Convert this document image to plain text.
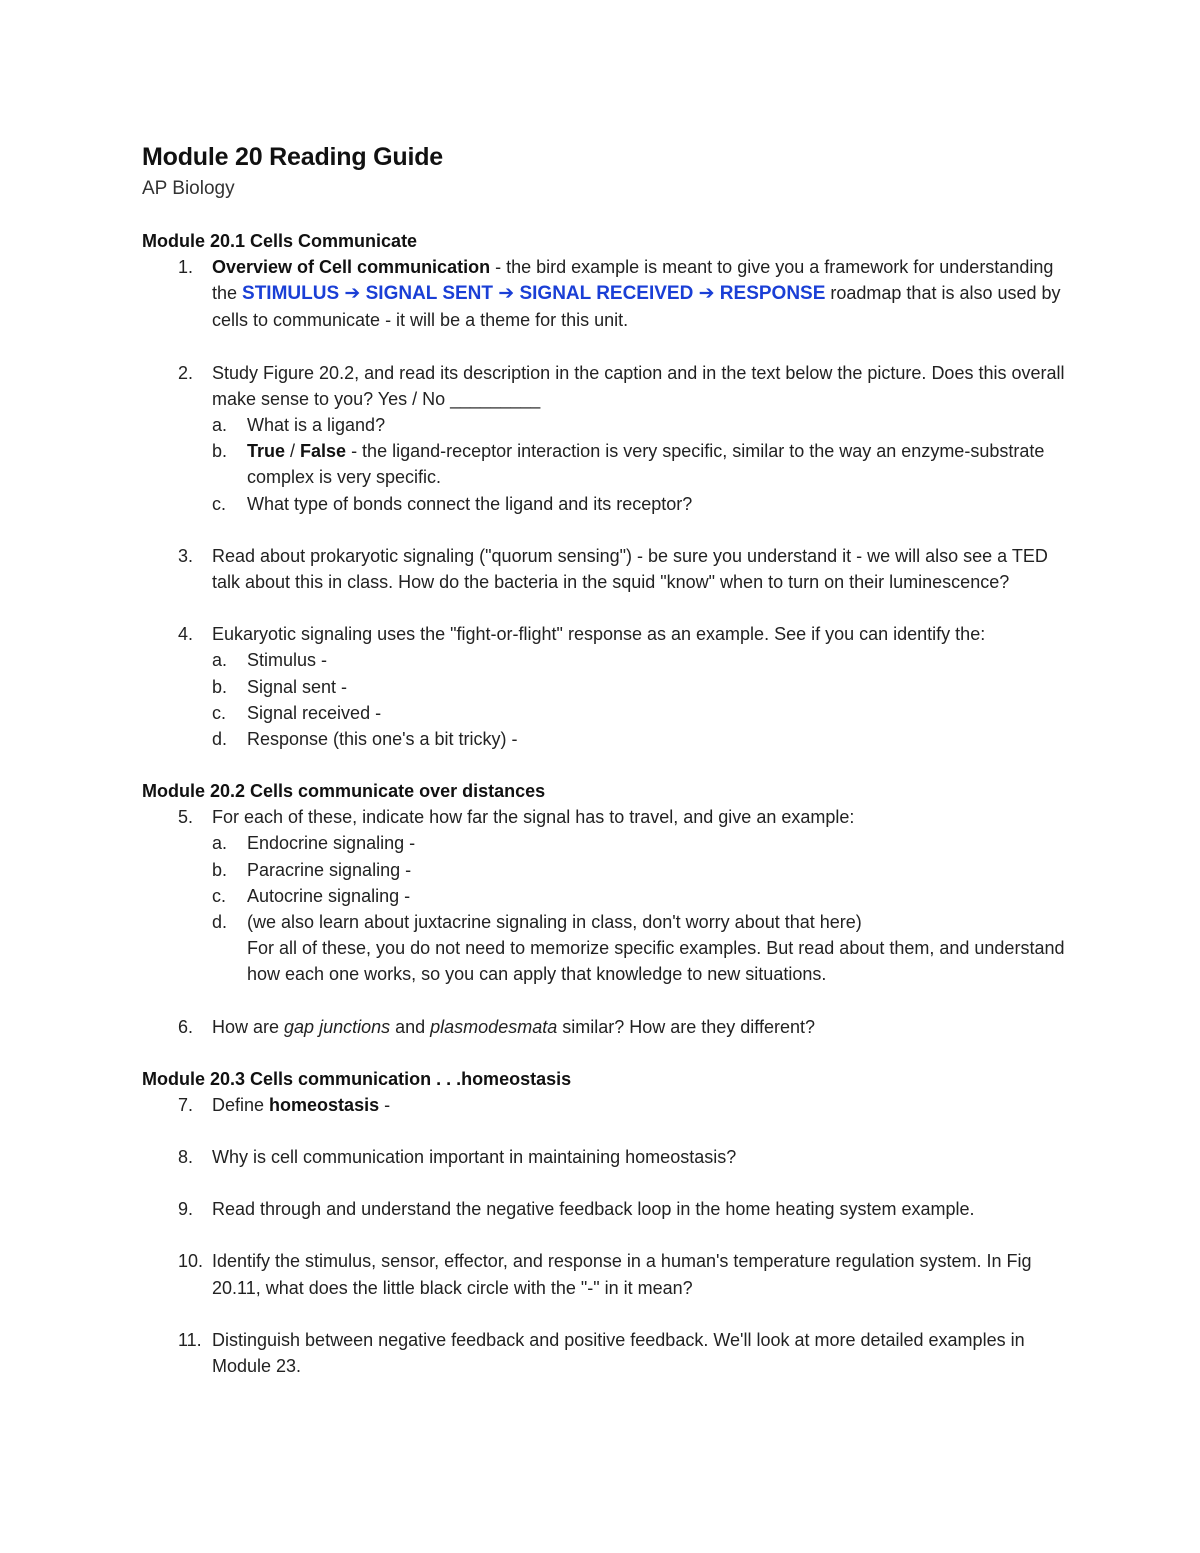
Module 20 Reading Guide
AP Biology
Module 20.1 Cells Communicate
1.	Overview of Cell communication - the bird example is meant to give you a framework for understanding the STIMULUS ➔ SIGNAL SENT ➔ SIGNAL RECEIVED ➔ RESPONSE roadmap that is also used by cells to communicate - it will be a theme for this unit.
2.	Study Figure 20.2, and read its description in the caption and in the text below the picture. Does this overall make sense to you? Yes / No _________
a.	What is a ligand?
b.	True / False - the ligand-receptor interaction is very specific, similar to the way an enzyme-substrate complex is very specific.
c.	What type of bonds connect the ligand and its receptor?
3.	Read about prokaryotic signaling ("quorum sensing") - be sure you understand it - we will also see a TED talk about this in class. How do the bacteria in the squid "know" when to turn on their luminescence?
4.	Eukaryotic signaling uses the "fight-or-flight" response as an example. See if you can identify the:
a.	Stimulus -
b.	Signal sent -
c.	Signal received -
d.	Response (this one's a bit tricky) -
Module 20.2 Cells communicate over distances
5.	For each of these, indicate how far the signal has to travel, and give an example:
a.	Endocrine signaling -
b.	Paracrine signaling -
c.	Autocrine signaling -
d.	(we also learn about juxtacrine signaling in class, don't worry about that here)
For all of these, you do not need to memorize specific examples. But read about them, and understand how each one works, so you can apply that knowledge to new situations.
6.	How are gap junctions and plasmodesmata similar? How are they different?
Module 20.3 Cells communication . . .homeostasis
7.	Define homeostasis -
8.	Why is cell communication important in maintaining homeostasis?
9.	Read through and understand the negative feedback loop in the home heating system example.
10. Identify the stimulus, sensor, effector, and response in a human's temperature regulation system. In Fig 20.11, what does the little black circle with the "-" in it mean?
11. Distinguish between negative feedback and positive feedback. We'll look at more detailed examples in Module 23.
